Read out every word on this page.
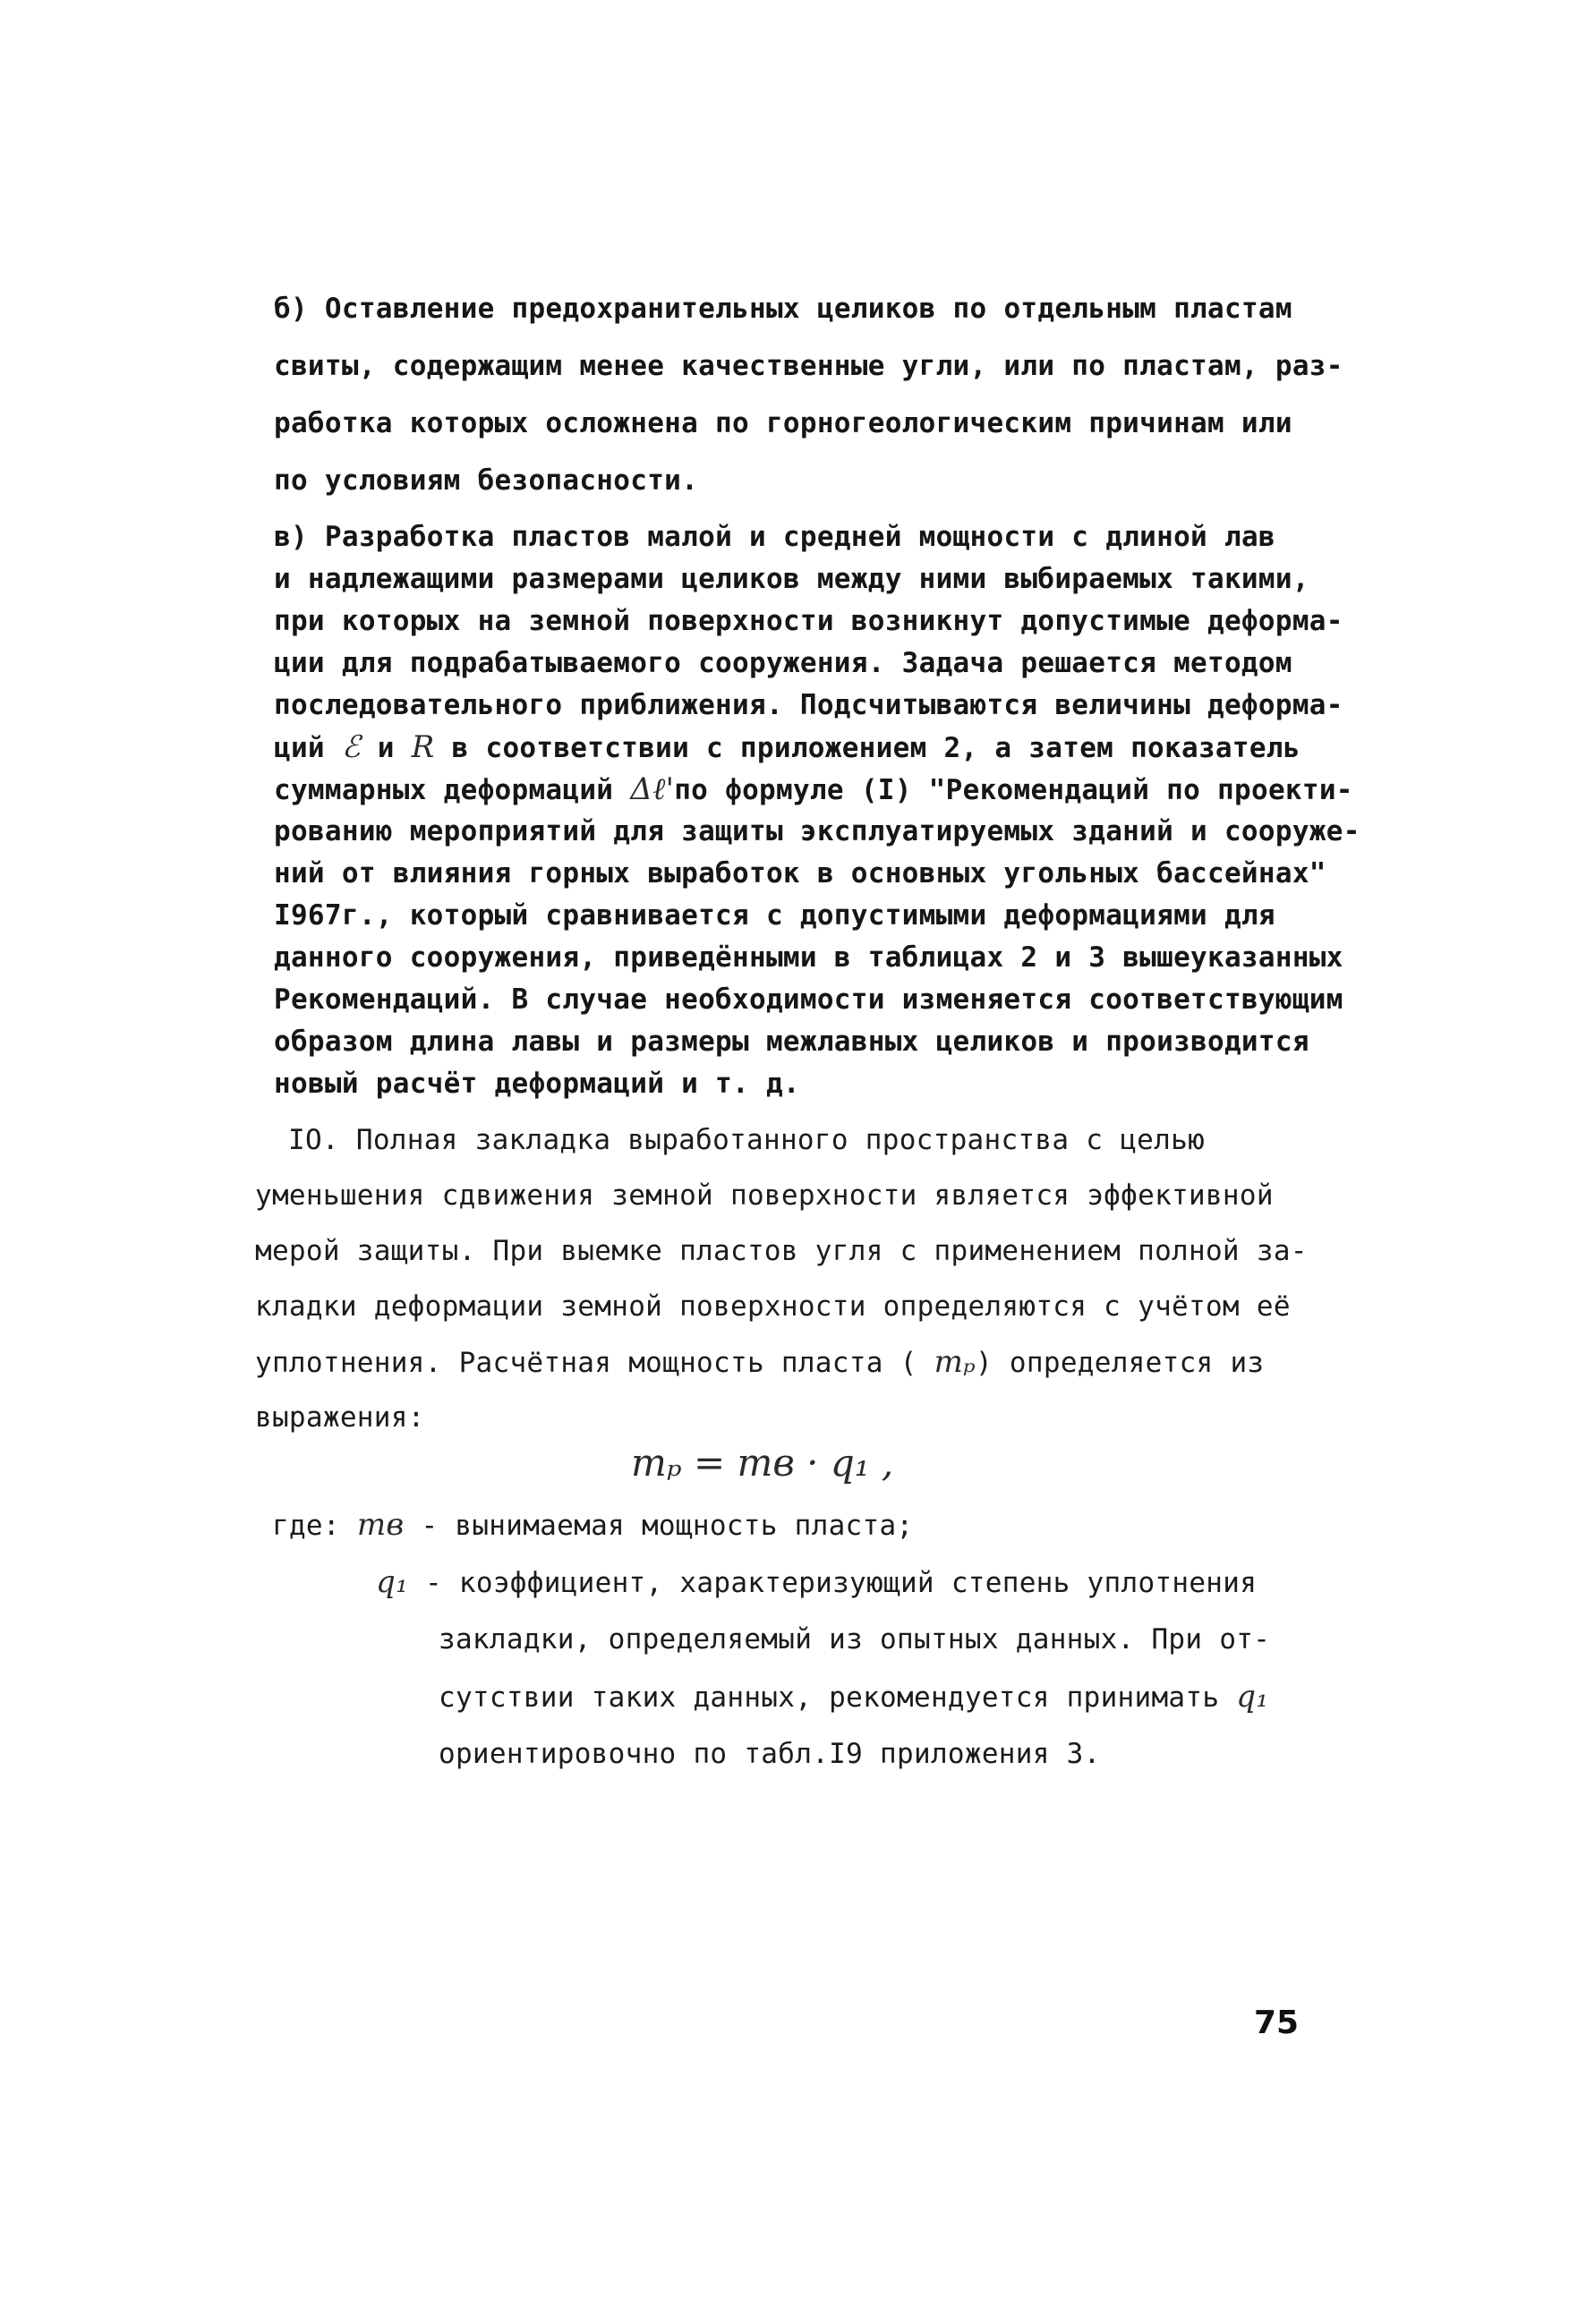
б) Оставление предохранительных целиков по отдельным пластам
свиты, содержащим менее качественные угли, или по пластам, раз-
работка которых осложнена по горногеологическим причинам или
по условиям безопасности.
в) Разработка пластов малой и средней мощности с длиной лав
и надлежащими размерами целиков между ними выбираемых такими,
при которых на земной поверхности возникнут допустимые деформа-
ции для подрабатываемого сооружения. Задача решается методом
последовательного приближения. Подсчитываются величины деформа-
ций ℰ и R в соответствии с приложением 2, а затем показатель
суммарных деформаций Δℓ'по формуле (I) "Рекомендаций по проекти-
рованию мероприятий для защиты эксплуатируемых зданий и сооруже-
ний от влияния горных выработок в основных угольных бассейнах"
I967г., который сравнивается с допустимыми деформациями для
данного сооружения, приведёнными в таблицах 2 и 3 вышеуказанных
Рекомендаций. В случае необходимости изменяется соответствующим
образом длина лавы и размеры межлавных целиков и производится
новый расчёт деформаций и т. д.
IО. Полная закладка выработанного пространства с целью
уменьшения сдвижения земной поверхности является эффективной
мерой защиты. При выемке пластов угля с применением полной за-
кладки деформации земной поверхности определяются с учётом её
уплотнения. Расчётная мощность пласта ( mₚ) определяется из
выражения:
mₚ = mв · q₁ ,
где: mв - вынимаемая мощность пласта;
q₁ - коэффициент, характеризующий степень уплотнения
закладки, определяемый из опытных данных. При от-
сутствии таких данных, рекомендуется принимать q₁
ориентировочно по табл.I9 приложения 3.
75
